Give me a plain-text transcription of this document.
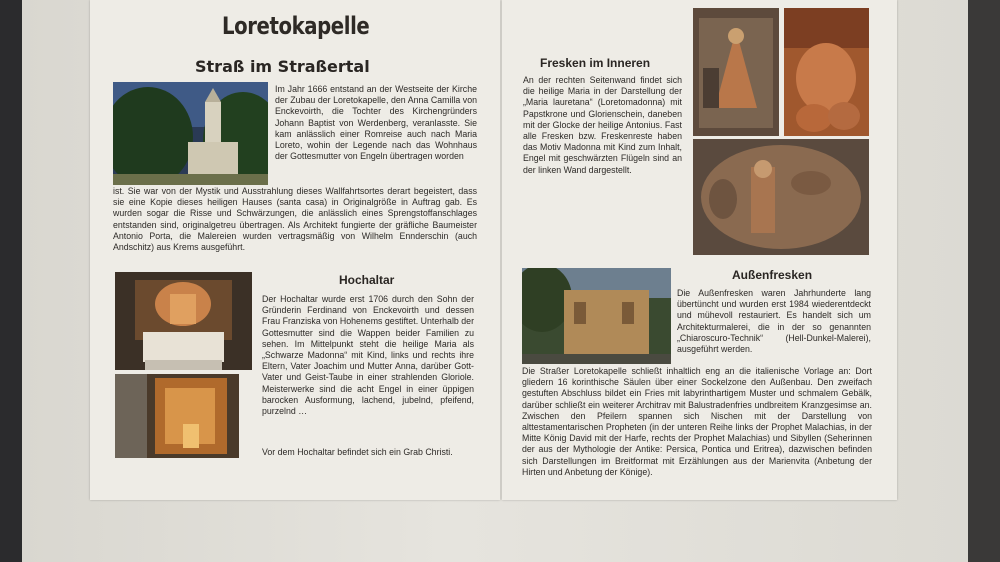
Loretokapelle
Straß im Straßertal

Im Jahr 1666 entstand an der Westseite der Kirche der Zubau der Loretokapelle, den Anna Camilla von Enckevoirth, die Tochter des Kirchengründers Johann Baptist von Werdenberg, veranlasste. Sie kam anlässlich einer Romreise auch nach Maria Loreto, wohin der Legende nach das Wohnhaus der Gottesmutter von Engeln übertragen worden

ist. Sie war von der Mystik und Ausstrahlung dieses Wallfahrtsortes derart begeistert, dass sie eine Kopie dieses heiligen Hauses (santa casa) in Originalgröße in Auftrag gab. Es wurden sogar die Risse und Schwärzungen, die anlässlich eines Sprengstoffanschlages entstanden sind, originalgetreu übertragen. Als Architekt fungierte der gräfliche Baumeister Antonio Porta, die Malereien wurden vertragsmäßig von Wilhelm Ennderschin (auch Andschitz) aus Krems ausgeführt.

Hochaltar

Der Hochaltar wurde erst 1706 durch den Sohn der Gründerin Ferdinand von Enckevoirth und dessen Frau Franziska von Hohenems gestiftet. Unterhalb der Gottesmutter sind die Wappen beider Familien zu sehen. Im Mittelpunkt steht die heilige Maria als „Schwarze Madonna“ mit Kind, links und rechts ihre Eltern, Vater Joachim und Mutter Anna, darüber Gott-Vater und Geist-Taube in einer strahlenden Gloriole. Meisterwerke sind die acht Engel in einer üppigen barocken Ausformung, lachend, jubelnd, pfeifend, purzelnd …

Vor dem Hochaltar befindet sich ein Grab Christi.

Fresken im Inneren

An der rechten Seitenwand findet sich die heilige Maria in der Darstellung der „Maria lauretana“ (Loretomadonna) mit Papstkrone und Glorienschein, daneben mit der Glocke der heilige Antonius. Fast alle Fresken bzw. Freskenreste haben das Motiv Madonna mit Kind zum Inhalt, Engel mit geschwärzten Flügeln sind an der linken Wand dargestellt.

Außenfresken

Die Außenfresken waren Jahrhunderte lang übertüncht und wurden erst 1984 wiederentdeckt und mühevoll restauriert. Es handelt sich um Architekturmalerei, die in der so genannten „Chiaroscuro-Technik“ (Hell-Dunkel-Malerei), ausgeführt werden.

Die Straßer Loretokapelle schließt inhaltlich eng an die italienische Vorlage an: Dort gliedern 16 korinthische Säulen über einer Sockelzone den Außenbau. Den zweifach gestuften Abschluss bildet ein Fries mit labyrinthartigem Muster und schmalem Gebälk, darüber schließt ein weiterer Architrav mit Balustradenfries undbreitem Kranzgesimse an. Zwischen den Pfeilern spannen sich Nischen mit der Darstellung von alttestamentarischen Propheten (in der unteren Reihe links der Prophet Malachias, in der Mitte König David mit der Harfe, rechts der Prophet Malachias) und Sibyllen (Seherinnen der aus der Mythologie der Antike: Persica, Pontica und Eritrea), dazwischen befinden sich Darstellungen im Breitformat mit Erzählungen aus der Marienvita (Anbetung der Hirten und Anbetung der Könige).
